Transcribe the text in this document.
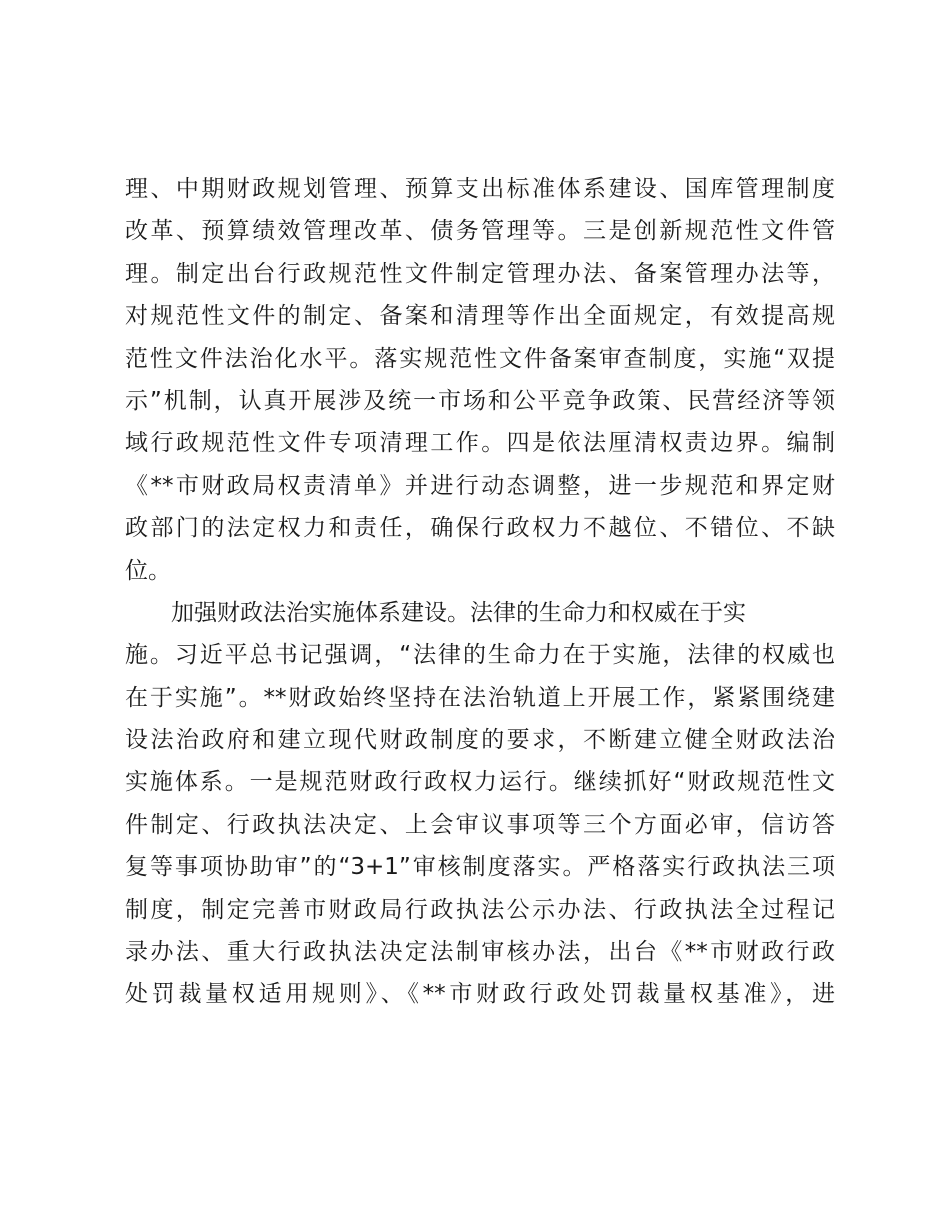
理、中期财政规划管理、预算支出标准体系建设、国库管理制度
改革、预算绩效管理改革、债务管理等。三是创新规范性文件管
理。制定出台行政规范性文件制定管理办法、备案管理办法等，
对规范性文件的制定、备案和清理等作出全面规定，有效提高规
范性文件法治化水平。落实规范性文件备案审查制度，实施“双提
示”机制，认真开展涉及统一市场和公平竞争政策、民营经济等领
域行政规范性文件专项清理工作。四是依法厘清权责边界。编制
《**市财政局权责清单》并进行动态调整，进一步规范和界定财
政部门的法定权力和责任，确保行政权力不越位、不错位、不缺
位。
加强财政法治实施体系建设。法律的生命力和权威在于实
施。习近平总书记强调，“法律的生命力在于实施，法律的权威也
在于实施”。**财政始终坚持在法治轨道上开展工作，紧紧围绕建
设法治政府和建立现代财政制度的要求，不断建立健全财政法治
实施体系。一是规范财政行政权力运行。继续抓好“财政规范性文
件制定、行政执法决定、上会审议事项等三个方面必审，信访答
复等事项协助审”的“3+1”审核制度落实。严格落实行政执法三项
制度，制定完善市财政局行政执法公示办法、行政执法全过程记
录办法、重大行政执法决定法制审核办法，出台《**市财政行政
处罚裁量权适用规则》、《**市财政行政处罚裁量权基准》，进
